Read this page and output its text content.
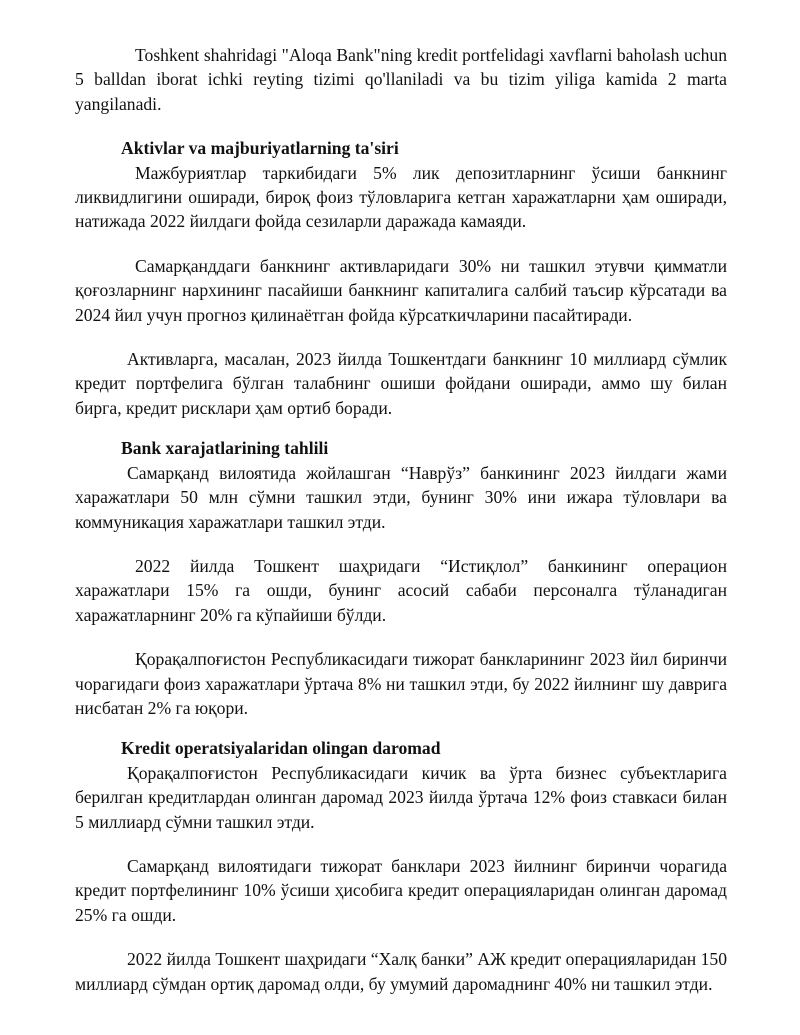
Toshkent shahridagi "Aloqa Bank"ning kredit portfelidagi xavflarni baholash uchun 5 balldan iborat ichki reyting tizimi qo'llaniladi va bu tizim yiliga kamida 2 marta yangilanadi.

Aktivlar va majburiyatlarning ta'siri

Мажбуриятлар таркибидаги 5% лик депозитларнинг ўсиши банкнинг ликвидлигини оширади, бироқ фоиз тўловларига кетган харажатларни ҳам оширади, натижада 2022 йилдаги фойда сезиларли даражада камаяди.

Самарқанддаги банкнинг активларидаги 30% ни ташкил этувчи қимматли қоғозларнинг нархининг пасайиши банкнинг капиталига салбий таъсир кўрсатади ва 2024 йил учун прогноз қилинаётган фойда кўрсаткичларини пасайтиради.

Активларга, масалан, 2023 йилда Тошкентдаги банкнинг 10 миллиард сўмлик кредит портфелига бўлган талабнинг ошиши фойдани оширади, аммо шу билан бирга, кредит рисклари ҳам ортиб боради.

Bank xarajatlarining tahlili

Самарқанд вилоятида жойлашган “Наврўз” банкининг 2023 йилдаги жами харажатлари 50 млн сўмни ташкил этди, бунинг 30% ини ижара тўловлари ва коммуникация харажатлари ташкил этди.

2022 йилда Тошкент шаҳридаги “Истиқлол” банкининг операцион харажатлари 15% га ошди, бунинг асосий сабаби персоналга тўланадиган харажатларнинг 20% га кўпайиши бўлди.

Қорақалпоғистон Республикасидаги тижорат банкларининг 2023 йил биринчи чорагидаги фоиз харажатлари ўртача 8% ни ташкил этди, бу 2022 йилнинг шу даврига нисбатан 2% га юқори.

Kredit operatsiyalaridan olingan daromad

Қорақалпоғистон Республикасидаги кичик ва ўрта бизнес субъектларига берилган кредитлардан олинган даромад 2023 йилда ўртача 12% фоиз ставкаси билан 5 миллиард сўмни ташкил этди.

Самарқанд вилоятидаги тижорат банклари 2023 йилнинг биринчи чорагида кредит портфелининг 10% ўсиши ҳисобига кредит операцияларидан олинган даромад 25% га ошди.

2022 йилда Тошкент шаҳридаги “Халқ банки” АЖ кредит операцияларидан 150 миллиард сўмдан ортиқ даромад олди, бу умумий даромаднинг 40% ни ташкил этди.
